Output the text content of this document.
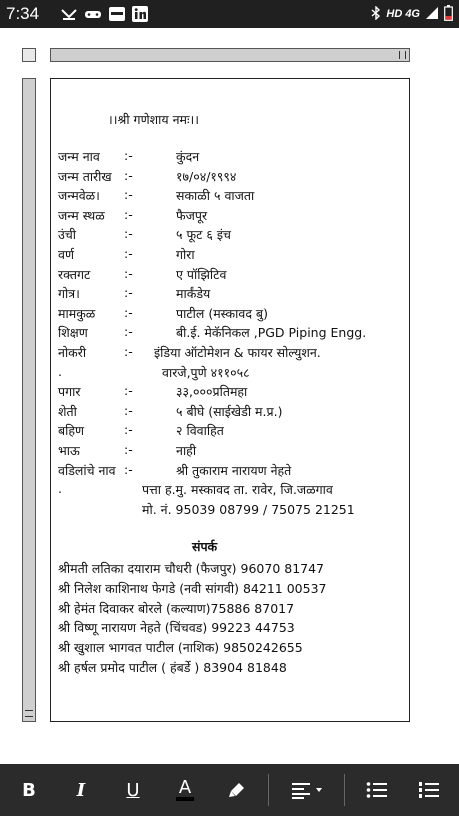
7:34	HD 4G
।।श्री गणेशाय नमः।।
जन्म नाव :-	कुंदन
जन्म तारीख :-	१७/०४/१९९४
जन्मवेळ। :-	सकाळी ५ वाजता
जन्म स्थळ :-	फैजपूर
उंची	:-	५ फूट ६ इंच
वर्ण	:-	गोरा
रक्तगट	:-	ए पॉझिटिव
गोत्र।	:-	मार्कंडेय
मामकुळ :-	पाटील (मस्कावद बु)
शिक्षण	:-	बी.ई. मेकॅनिकल ,PGD Piping Engg.
नोकरी	:- इंडिया ऑटोमेशन & फायर सोल्युशन.
.	वारजे,पुणे ४११०५८
पगार	:-	३३,०००प्रतिमहा
शेती	:-	५ बीघे (साईखेडी म.प्र.)
बहिण	:-	२ विवाहित
भाऊ	:-	नाही
वडिलांचे नाव :-	श्री तुकाराम नारायण नेहते
.	पत्ता ह.मु. मस्कावद ता. रावेर, जि.जळगाव
मो. नं. 95039 08799 / 75075 21251
संपर्क
श्रीमती लतिका दयाराम चौधरी (फैजपुर) 96070 81747
श्री निलेश काशिनाथ फेगडे (नवी सांगवी) 84211 00537
श्री हेमंत दिवाकर बोरले (कल्याण)75886 87017
श्री विष्णू नारायण नेहते (चिंचवड) 99223 44753
श्री खुशाल भागवत पाटील (नाशिक) 9850242655
श्री हर्षल प्रमोद पाटील ( हंबर्डे ) 83904 81848
B I U A
